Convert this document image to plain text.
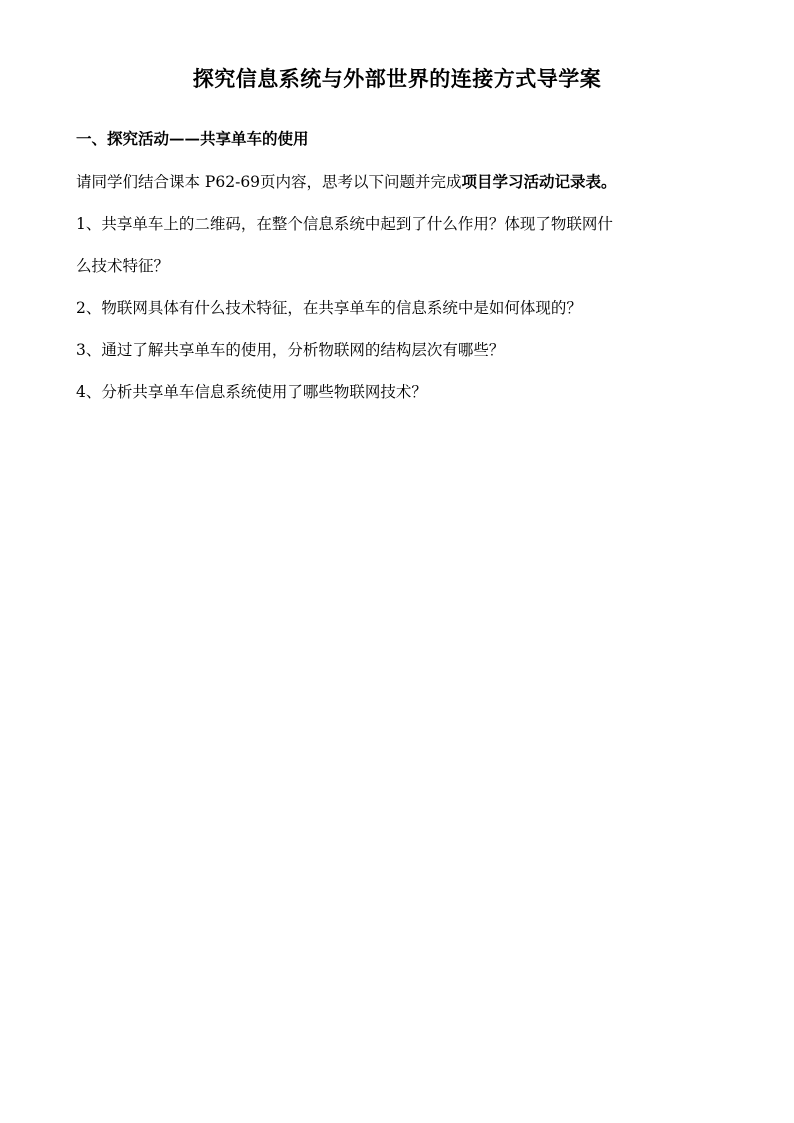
探究信息系统与外部世界的连接方式导学案
一、探究活动——共享单车的使用
请同学们结合课本 P62-69页内容，思考以下问题并完成项目学习活动记录表。
1、共享单车上的二维码，在整个信息系统中起到了什么作用？体现了物联网什
么技术特征？
2、物联网具体有什么技术特征，在共享单车的信息系统中是如何体现的？
3、通过了解共享单车的使用，分析物联网的结构层次有哪些？
4、分析共享单车信息系统使用了哪些物联网技术？
